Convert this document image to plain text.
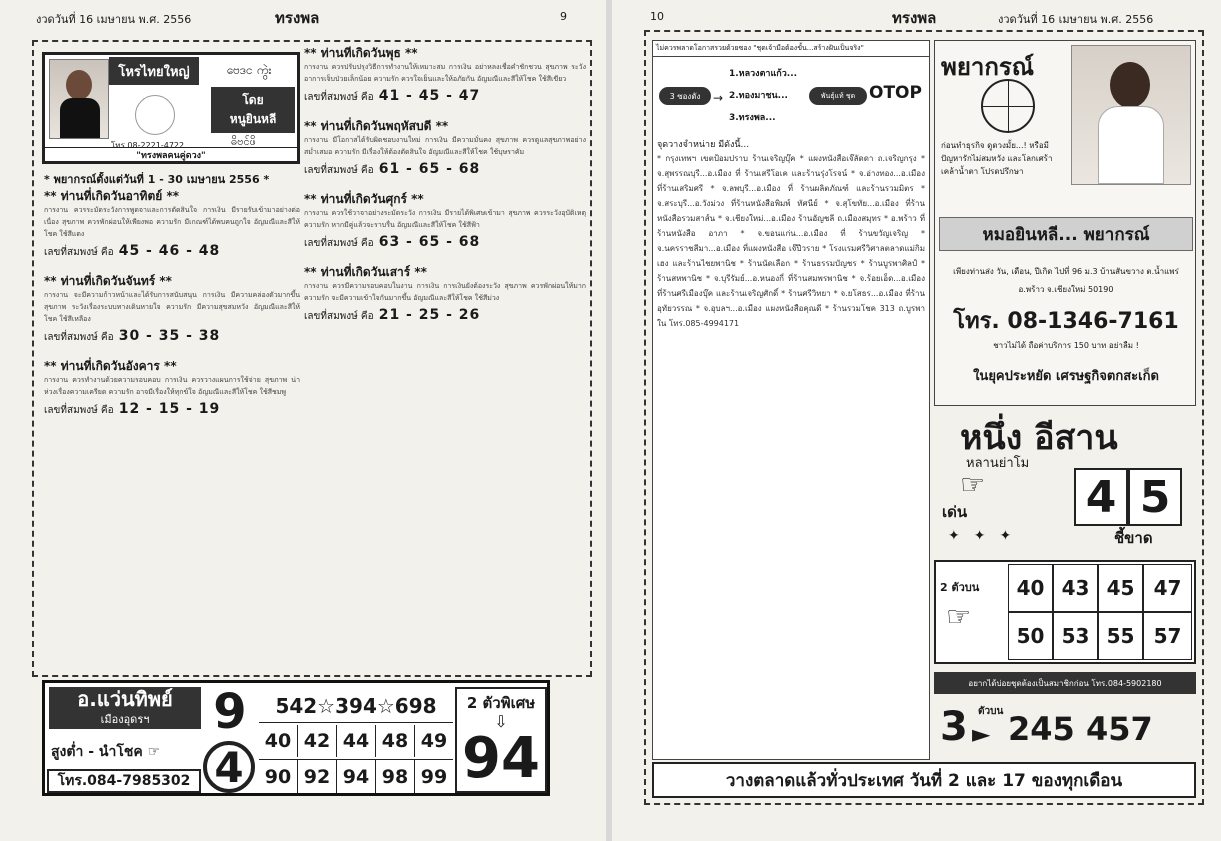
งวดวันที่ 16 เมษายน พ.ศ. 2556	ทรงพล	9
โหรไทยใหญ่	ဗေဒင ကွဲး
โดย
หนูยินหลี
โทร.08-2221-4722	ဓိဗင်ဖိ
"ทรงพลคนคู่ดวง"
* พยากรณ์ตั้งแต่วันที่ 1 - 30 เมษายน 2556 *
** ท่านที่เกิดวันอาทิตย์ **
การงาน ควรระมัดระวังการพูดจาและการตัดสินใจ การเงิน มีรายรับเข้ามาอย่างต่อเนื่อง สุขภาพ ควรพักผ่อนให้เพียงพอ ความรัก มีเกณฑ์ได้พบคนถูกใจ อัญมณีและสีให้โชค ใช้สีแดง
เลขที่สมพงษ์ คือ 45 - 46 - 48
** ท่านที่เกิดวันจันทร์ **
การงาน จะมีความก้าวหน้าและได้รับการสนับสนุน การเงิน มีความคล่องตัวมากขึ้น สุขภาพ ระวังเรื่องระบบทางเดินหายใจ ความรัก มีความสุขสมหวัง อัญมณีและสีให้โชค ใช้สีเหลือง
เลขที่สมพงษ์ คือ 30 - 35 - 38
** ท่านที่เกิดวันอังคาร **
การงาน ควรทำงานด้วยความรอบคอบ การเงิน ควรวางแผนการใช้จ่าย สุขภาพ น่าห่วงเรื่องความเครียด ความรัก อาจมีเรื่องให้ทุกข์ใจ อัญมณีและสีให้โชค ใช้สีชมพู
เลขที่สมพงษ์ คือ 12 - 15 - 19
** ท่านที่เกิดวันพุธ **
การงาน ควรปรับปรุงวิธีการทำงานให้เหมาะสม การเงิน อย่าหลงเชื่อคำชักชวน สุขภาพ ระวังอาการเจ็บป่วยเล็กน้อย ความรัก ควรใจเย็นและให้อภัยกัน อัญมณีและสีให้โชค ใช้สีเขียว
เลขที่สมพงษ์ คือ 41 - 45 - 47
** ท่านที่เกิดวันพฤหัสบดี **
การงาน มีโอกาสได้รับผิดชอบงานใหม่ การเงิน มีความมั่นคง สุขภาพ ควรดูแลสุขภาพอย่างสม่ำเสมอ ความรัก มีเรื่องให้ต้องตัดสินใจ อัญมณีและสีให้โชค ใช้บุษราคัม
เลขที่สมพงษ์ คือ 61 - 65 - 68
** ท่านที่เกิดวันศุกร์ **
การงาน ควรใช้วาจาอย่างระมัดระวัง การเงิน มีรายได้พิเศษเข้ามา สุขภาพ ควรระวังอุบัติเหตุ ความรัก หากมีคู่แล้วจะราบรื่น อัญมณีและสีให้โชค ใช้สีฟ้า
เลขที่สมพงษ์ คือ 63 - 65 - 68
** ท่านที่เกิดวันเสาร์ **
การงาน ควรมีความรอบคอบในงาน การเงิน การเงินยังต้องระวัง สุขภาพ ควรพักผ่อนให้มาก ความรัก จะมีความเข้าใจกันมากขึ้น อัญมณีและสีให้โชค ใช้สีม่วง
เลขที่สมพงษ์ คือ 21 - 25 - 26
อ.แว่นทิพย์
เมืองอุดรฯ
สูงต่ำ - นำโชค ☞
โทร.084-7985302
9
4
542☆394☆698
40 42 44 48 49
90 92 94 98 99
2 ตัวพิเศษ
⇩
94
10	ทรงพล	งวดวันที่ 16 เมษายน พ.ศ. 2556
ไม่ควรพลาดโอกาสรวยด้วยซอง "ชุดเจ้ามือต้องขั้น...สร้างฝันเป็นจริง"
3 ซองดัง	→
1.หลวงตาแก้ว...
2.ทองมาชน...
3.ทรงพล...
พันธุ์แท้ ชุด OTOP
จุดวางจำหน่าย มีดังนี้...
* กรุงเทพฯ เขตป้อมปราบ ร้านเจริญบุ๊ค * แผงหนังสือเจ๊ลัดดา ถ.เจริญกรุง * จ.สุพรรณบุรี...อ.เมือง ที่ ร้านเสรีโอเค และร้านรุ่งโรจน์ * จ.อ่างทอง...อ.เมือง ที่ร้านเสริมศรี * จ.ลพบุรี...อ.เมือง ที่ ร้านผลิตภัณฑ์ และร้านรวมมิตร * จ.สระบุรี...อ.วังม่วง ที่ร้านหนังสือพิมพ์ ทัศนีย์ * จ.สุโขทัย...อ.เมือง ที่ร้านหนังสือรวมสาส์น * จ.เชียงใหม่...อ.เมือง ร้านอัญชลี ถ.เมืองสมุทร * อ.พร้าว ที่ร้านหนังสือ อาภา * จ.ขอนแก่น...อ.เมือง ที่ ร้านขวัญเจริญ * จ.นครราชสีมา...อ.เมือง ที่แผงหนังสือ เจ๊ปีวราย * โรงแรมศรีวิศาลตลาดแม่กิมเฮง และร้านไชยพานิช * ร้านนัดเลือก * ร้านธรรมบัญชร * ร้านบูรพาศิลป์ * ร้านสหพานิช * จ.บุรีรัมย์...อ.หนองกี่ ที่ร้านสมพรพานิช * จ.ร้อยเอ็ด...อ.เมือง ที่ร้านศรีเมืองบุ๊ค และร้านเจริญศักดิ์ * ร้านศรีวิทยา * จ.ยโสธร...อ.เมือง ที่ร้านอุทัยวรรณ * จ.อุบลฯ...อ.เมือง แผงหนังสือคุณดี * ร้านรวมโชค 313 ถ.บูรพาใน โทร.085-4994171
พยากรณ์
ก่อนทำธุรกิจ ดูดวงมั้ย...! หรือมีปัญหารักไม่สมหวัง และโลกเศร้า เคล้าน้ำตา โปรดปรึกษา
หมอยินหลี... พยากรณ์
เพียงท่านส่ง วัน, เดือน, ปีเกิด ไปที่ 96 ม.3 บ้านสันขวาง ต.น้ำแพร่ อ.พร้าว จ.เชียงใหม่ 50190
โทร. 08-1346-7161
ชาวไม่ได้ ถือค่าบริการ 150 บาท อย่าลืม !
ในยุคประหยัด เศรษฐกิจตกสะเก็ด
หนึ่ง อีสาน
หลานย่าโม
☞
เด่น
✦✦✦
4 5
ชี้ขาด
2 ตัวบน
☞
40 43 45 47
50 53 55 57
อยากได้บ่อยชุดต้องเป็นสมาชิกก่อน โทร.084-5902180
3 ►
ตัวบน 245 457
วางตลาดแล้วทั่วประเทศ วันที่ 2 และ 17 ของทุกเดือน
